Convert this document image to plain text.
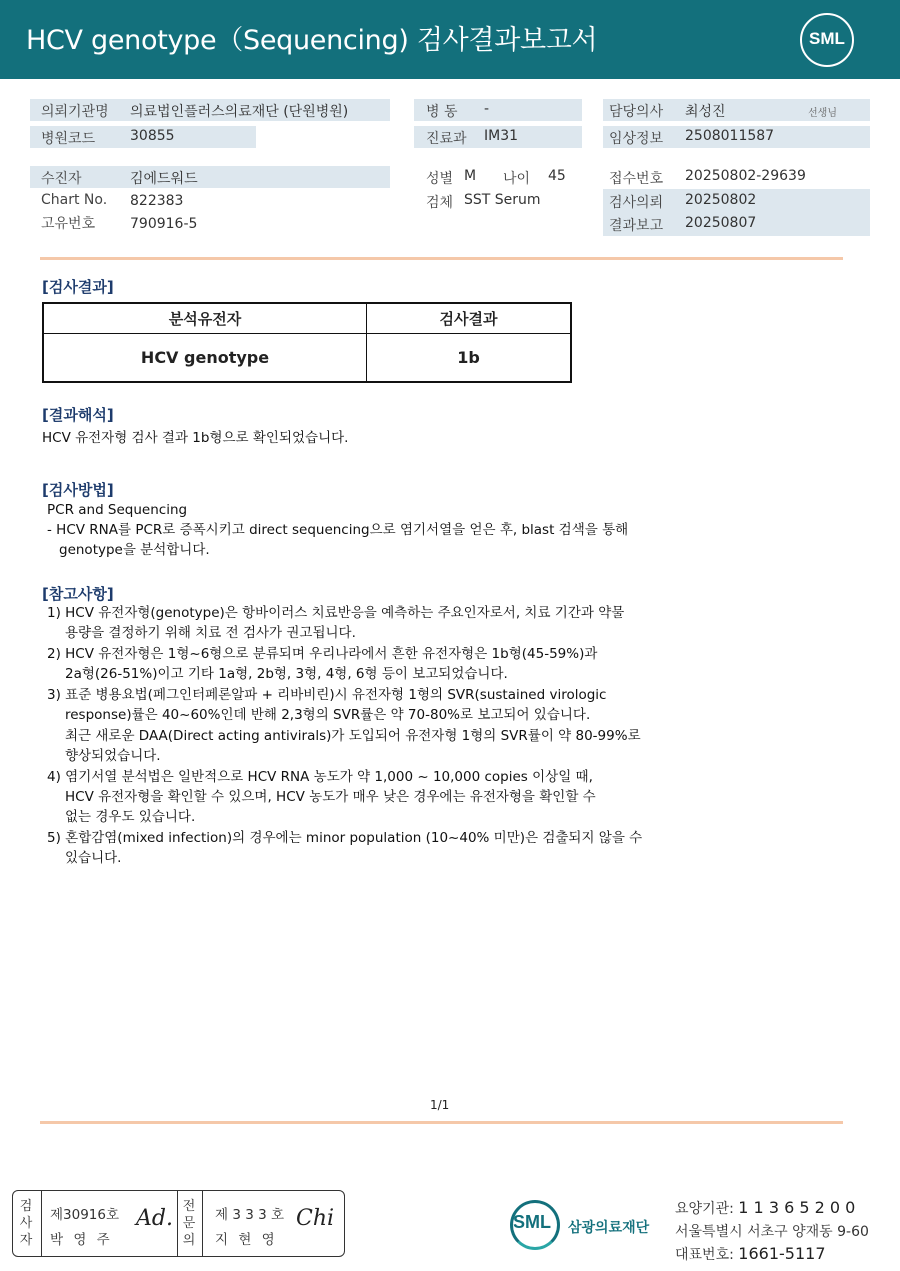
HCV genotype（Sequencing) 검사결과보고서	SML
의뢰기관명 의료법인플러스의료재단 (단원병원)
병원코드 30855
병 동 -
진료과 IM31
담당의사 최성진	선생님
임상정보 2508011587
수진자	김에드워드
Chart No. 822383
고유번호 790916-5
성별 M 나이 45
검체 SST Serum
접수번호 20250802-29639
검사의뢰 20250802
결과보고 20250807
[검사결과]
분석유전자	검사결과
HCV genotype	1b
[결과해석]
HCV 유전자형 검사 결과 1b형으로 확인되었습니다.
[검사방법]
PCR and Sequencing
- HCV RNA를 PCR로 증폭시키고 direct sequencing으로 염기서열을 얻은 후, blast 검색을 통해
genotype을 분석합니다.
[참고사항]
1) HCV 유전자형(genotype)은 항바이러스 치료반응을 예측하는 주요인자로서, 치료 기간과 약물
용량을 결정하기 위해 치료 전 검사가 권고됩니다.
2) HCV 유전자형은 1형~6형으로 분류되며 우리나라에서 흔한 유전자형은 1b형(45-59%)과
2a형(26-51%)이고 기타 1a형, 2b형, 3형, 4형, 6형 등이 보고되었습니다.
3) 표준 병용요법(페그인터페론알파 + 리바비린)시 유전자형 1형의 SVR(sustained virologic
response)률은 40~60%인데 반해 2,3형의 SVR률은 약 70-80%로 보고되어 있습니다.
최근 새로운 DAA(Direct acting antivirals)가 도입되어 유전자형 1형의 SVR률이 약 80-99%로
향상되었습니다.
4) 염기서열 분석법은 일반적으로 HCV RNA 농도가 약 1,000 ~ 10,000 copies 이상일 때,
HCV 유전자형을 확인할 수 있으며, HCV 농도가 매우 낮은 경우에는 유전자형을 확인할 수
없는 경우도 있습니다.
5) 혼합감염(mixed infection)의 경우에는 minor population (10~40% 미만)은 검출되지 않을 수
있습니다.
1/1
검사자
제30916호
박 영 주
Ad. 전문의
제 3 3 3 호
지 현 영
Chi	SML 삼광의료재단
요양기관: 1 1 3 6 5 2 0 0
서울특별시 서초구 양재동 9-60
대표번호: 1661-5117
